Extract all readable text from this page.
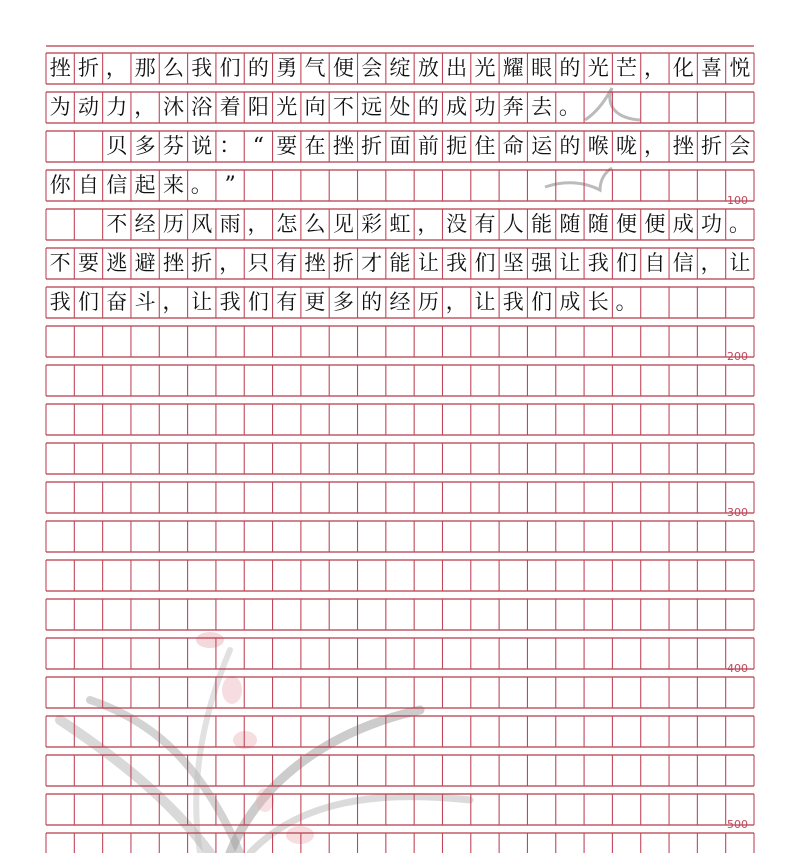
挫 折 ， 那 么 我 们 的 勇 气 便 会 绽 放 出 光 耀 眼 的 光 芒 ， 化 喜 悦
为 动 力 ， 沐 浴 着 阳 光 向 不 远 处 的 成 功 奔 去 。
贝 多 芬 说 ： “ 要 在 挫 折 面 前 扼 住 命 运 的 喉 咙 ， 挫 折 会
你 自 信 起 来 。 ”
不 经 历 风 雨 ， 怎 么 见 彩 虹 ， 没 有 人 能 随 随 便 便 成 功 。
不 要 逃 避 挫 折 ， 只 有 挫 折 才 能 让 我 们 坚 强 让 我 们 自 信 ， 让
我 们 奋 斗 ， 让 我 们 有 更 多 的 经 历 ， 让 我 们 成 长 。
100
200
300
400
500
